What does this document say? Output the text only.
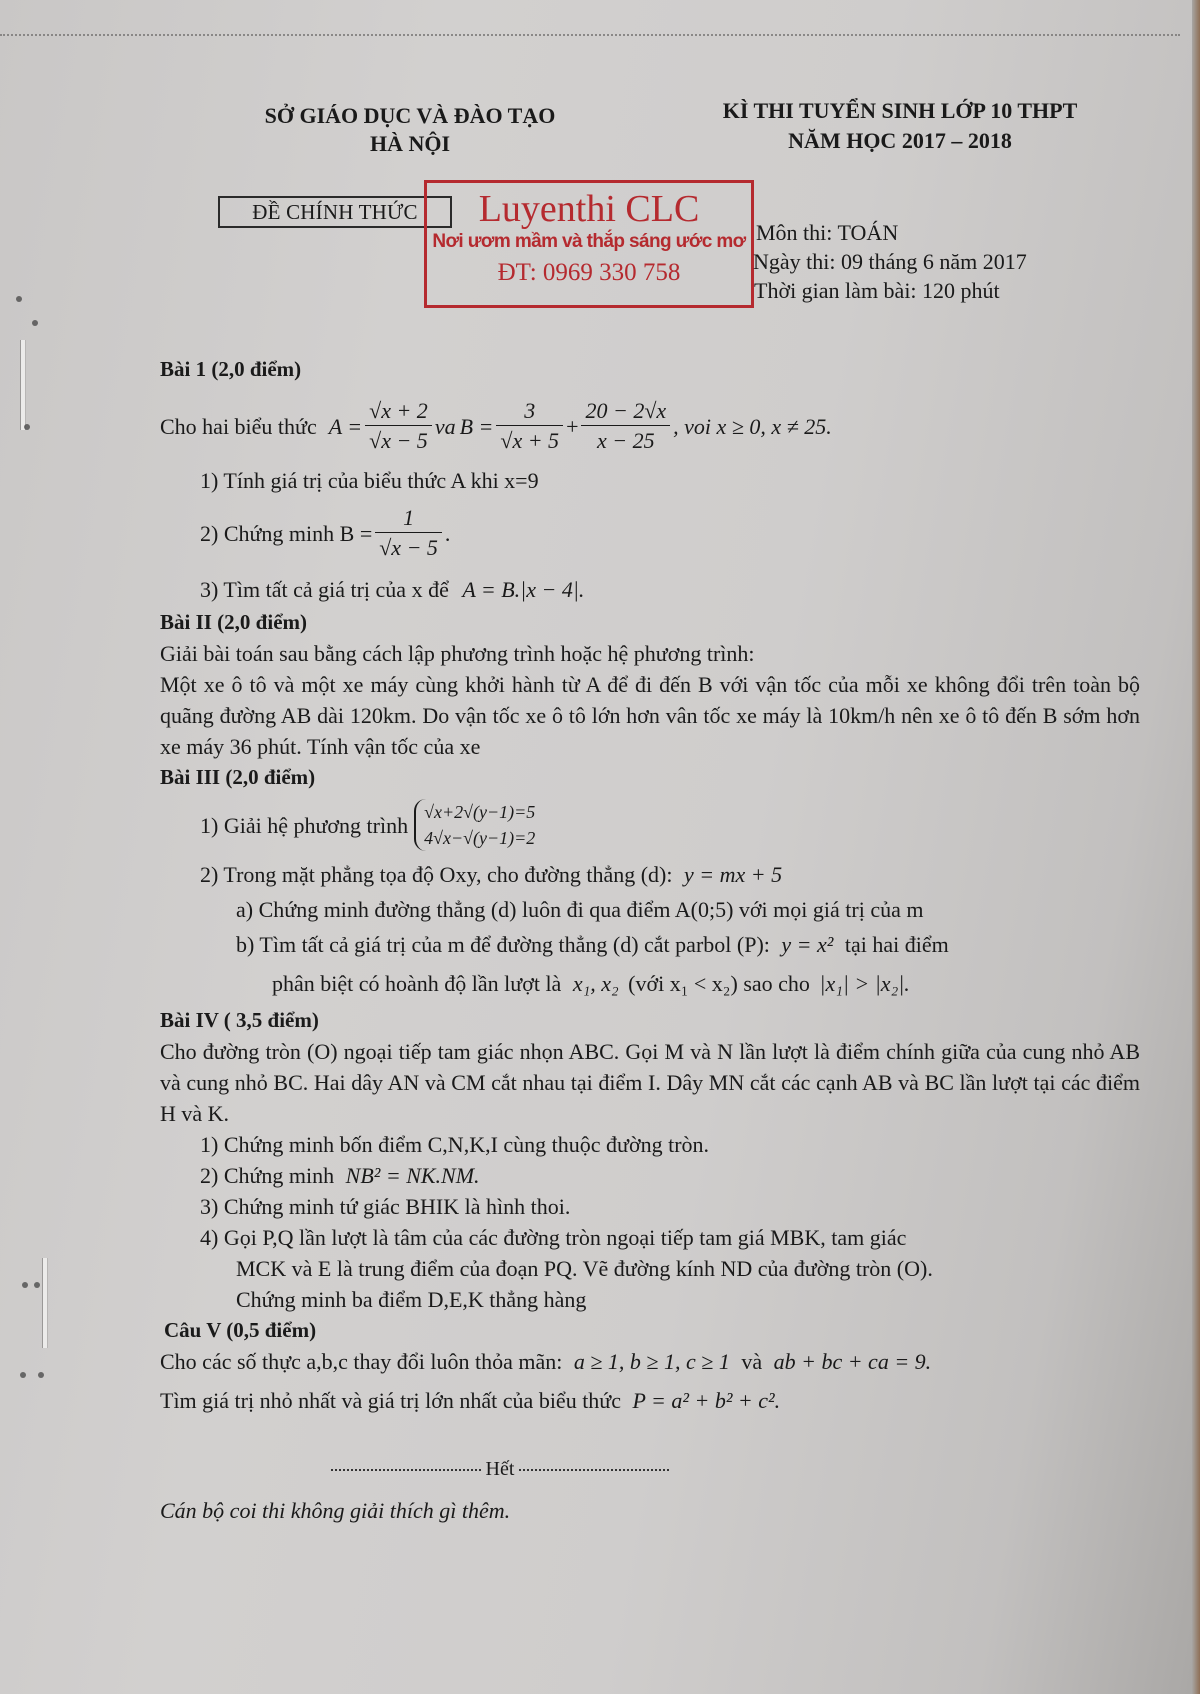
SỞ GIÁO DỤC VÀ ĐÀO TẠO
HÀ NỘI
KÌ THI TUYỂN SINH LỚP 10 THPT
NĂM HỌC 2017 – 2018
ĐỀ CHÍNH THỨC	Luyenthi CLC
Nơi ươm mầm và thắp sáng ước mơ
ĐT: 0969 330 758
Môn thi: TOÁN
Ngày thi: 09 tháng 6 năm 2017
Thời gian làm bài: 120 phút
Bài 1 (2,0 điểm)
Cho hai biểu thức $A = \frac{√x + 2}{√x - 5}$ va $B = \frac{3}{√x + 5} + \frac{20 - 2√x}{x - 25}$ , voi x ≥ 0, x ≠ 25.
1) Tính giá trị của biểu thức A khi x=9
2) Chứng minh $B = \frac{1}{√x - 5}$ .
3) Tìm tất cả giá trị của x để A = B.|x − 4|.
Bài II (2,0 điểm)
Giải bài toán sau bằng cách lập phương trình hoặc hệ phương trình:
Một xe ô tô và một xe máy cùng khởi hành từ A để đi đến B với vận tốc của mỗi xe không đổi trên toàn bộ quãng đường AB dài 120km. Do vận tốc xe ô tô lớn hơn vân tốc xe máy là 10km/h nên xe ô tô đến B sớm hơn xe máy 36 phút. Tính vận tốc của xe
Bài III (2,0 điểm)
1) Giải hệ phương trình
√x+2√(y−1)=5
4√x−√(y−1)=2
2) Trong mặt phẳng tọa độ Oxy, cho đường thẳng (d): y = mx + 5
a) Chứng minh đường thẳng (d) luôn đi qua điểm A(0;5) với mọi giá trị của m
b) Tìm tất cả giá trị của m để đường thẳng (d) cắt parbol (P): y = x² tại hai điểm
phân biệt có hoành độ lần lượt là x₁, x₂ (với x₁ < x₂) sao cho |x₁| > |x₂|.
Bài IV ( 3,5 điểm)
Cho đường tròn (O) ngoại tiếp tam giác nhọn ABC. Gọi M và N lần lượt là điểm chính giữa của cung nhỏ AB và cung nhỏ BC. Hai dây AN và CM cắt nhau tại điểm I. Dây MN cắt các cạnh AB và BC lần lượt tại các điểm H và K.
1) Chứng minh bốn điểm C,N,K,I cùng thuộc đường tròn.
2) Chứng minh NB² = NK.NM.
3) Chứng minh tứ giác BHIK là hình thoi.
4) Gọi P,Q lần lượt là tâm của các đường tròn ngoại tiếp tam giá MBK, tam giác
MCK và E là trung điểm của đoạn PQ. Vẽ đường kính ND của đường tròn (O).
Chứng minh ba điểm D,E,K thẳng hàng
Câu V (0,5 điểm)
Cho các số thực a,b,c thay đổi luôn thỏa mãn: a ≥ 1, b ≥ 1, c ≥ 1 và ab + bc + ca = 9.
Tìm giá trị nhỏ nhất và giá trị lớn nhất của biểu thức P = a² + b² + c².
Hết
Cán bộ coi thi không giải thích gì thêm.
